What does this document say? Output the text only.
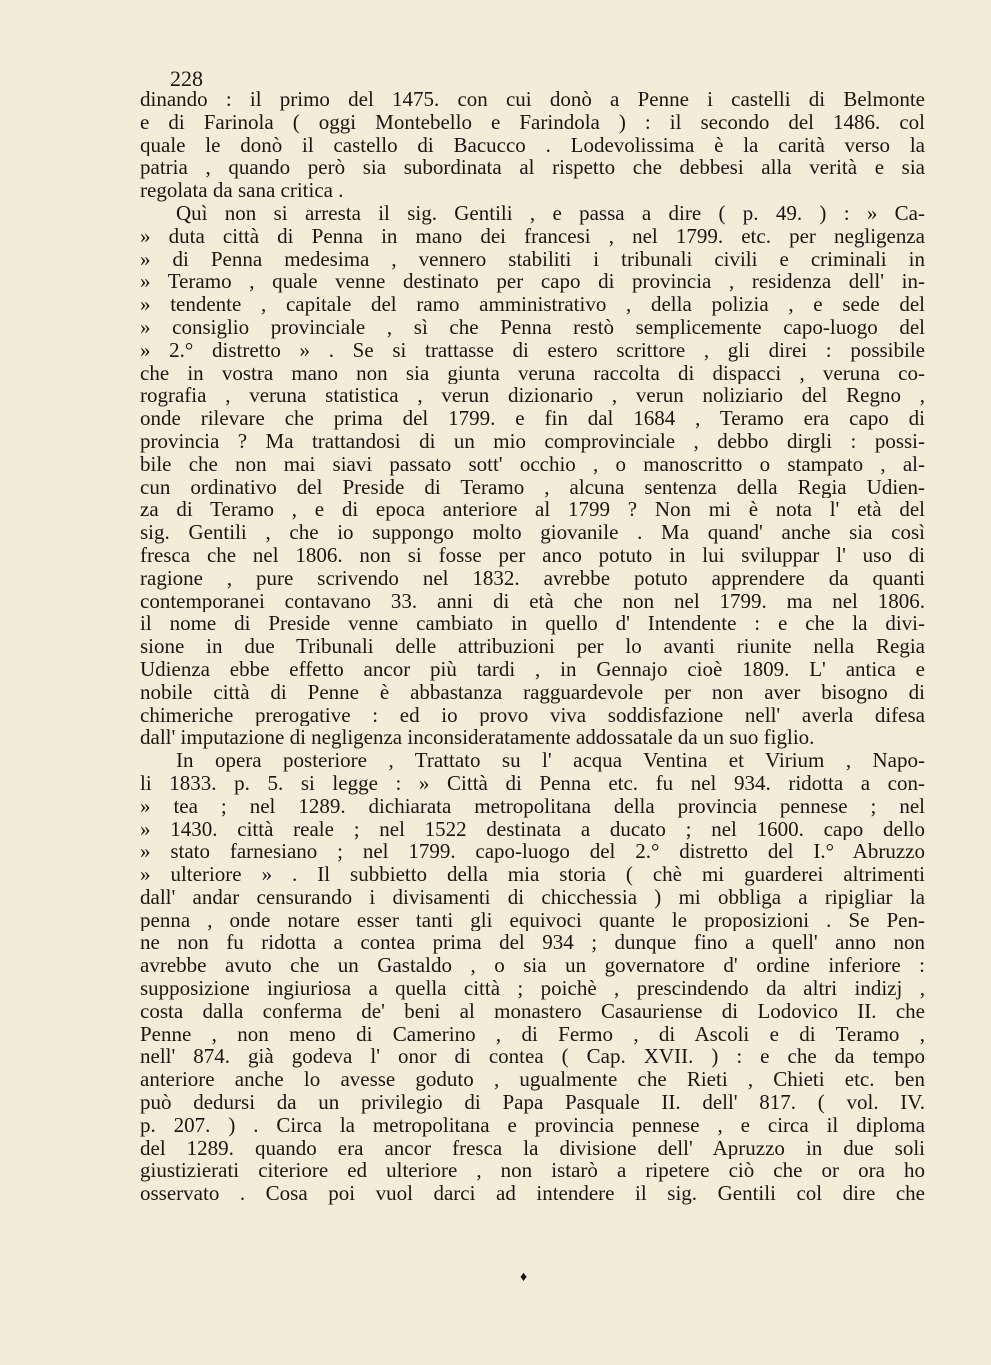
228
dinando : il primo del 1475. con cui donò a Penne i castelli di Belmonte
e di Farinola ( oggi Montebello e Farindola ) : il secondo del 1486. col
quale le donò il castello di Bacucco . Lodevolissima è la carità verso la
patria , quando però sia subordinata al rispetto che debbesi alla verità e sia
regolata da sana critica .
Quì non si arresta il sig. Gentili , e passa a dire ( p. 49. ) : » Ca-
» duta città di Penna in mano dei francesi , nel 1799. etc. per negligenza
» di Penna medesima , vennero stabiliti i tribunali civili e criminali in
» Teramo , quale venne destinato per capo di provincia , residenza dell' in-
» tendente , capitale del ramo amministrativo , della polizia , e sede del
» consiglio provinciale , sì che Penna restò semplicemente capo-luogo del
» 2.° distretto » . Se si trattasse di estero scrittore , gli direi : possibile
che in vostra mano non sia giunta veruna raccolta di dispacci , veruna co-
rografia , veruna statistica , verun dizionario , verun noliziario del Regno ,
onde rilevare che prima del 1799. e fin dal 1684 , Teramo era capo di
provincia ? Ma trattandosi di un mio comprovinciale , debbo dirgli : possi-
bile che non mai siavi passato sott' occhio , o manoscritto o stampato , al-
cun ordinativo del Preside di Teramo , alcuna sentenza della Regia Udien-
za di Teramo , e di epoca anteriore al 1799 ? Non mi è nota l' età del
sig. Gentili , che io suppongo molto giovanile . Ma quand' anche sia così
fresca che nel 1806. non si fosse per anco potuto in lui sviluppar l' uso di
ragione , pure scrivendo nel 1832. avrebbe potuto apprendere da quanti
contemporanei contavano 33. anni di età che non nel 1799. ma nel 1806.
il nome di Preside venne cambiato in quello d' Intendente : e che la divi-
sione in due Tribunali delle attribuzioni per lo avanti riunite nella Regia
Udienza ebbe effetto ancor più tardi , in Gennajo cioè 1809. L' antica e
nobile città di Penne è abbastanza ragguardevole per non aver bisogno di
chimeriche prerogative : ed io provo viva soddisfazione nell' averla difesa
dall' imputazione di negligenza inconsideratamente addossatale da un suo figlio.
In opera posteriore , Trattato su l' acqua Ventina et Virium , Napo-
li 1833. p. 5. si legge : » Città di Penna etc. fu nel 934. ridotta a con-
» tea ; nel 1289. dichiarata metropolitana della provincia pennese ; nel
» 1430. città reale ; nel 1522 destinata a ducato ; nel 1600. capo dello
» stato farnesiano ; nel 1799. capo-luogo del 2.° distretto del I.° Abruzzo
» ulteriore » . Il subbietto della mia storia ( chè mi guarderei altrimenti
dall' andar censurando i divisamenti di chicchessia ) mi obbliga a ripigliar la
penna , onde notare esser tanti gli equivoci quante le proposizioni . Se Pen-
ne non fu ridotta a contea prima del 934 ; dunque fino a quell' anno non
avrebbe avuto che un Gastaldo , o sia un governatore d' ordine inferiore :
supposizione ingiuriosa a quella città ; poichè , prescindendo da altri indizj ,
costa dalla conferma de' beni al monastero Casauriense di Lodovico II. che
Penne , non meno di Camerino , di Fermo , di Ascoli e di Teramo ,
nell' 874. già godeva l' onor di contea ( Cap. XVII. ) : e che da tempo
anteriore anche lo avesse goduto , ugualmente che Rieti , Chieti etc. ben
può dedursi da un privilegio di Papa Pasquale II. dell' 817. ( vol. IV.
p. 207. ) . Circa la metropolitana e provincia pennese , e circa il diploma
del 1289. quando era ancor fresca la divisione dell' Apruzzo in due soli
giustizierati citeriore ed ulteriore , non istarò a ripetere ciò che or ora ho
osservato . Cosa poi vuol darci ad intendere il sig. Gentili col dire che
♦
